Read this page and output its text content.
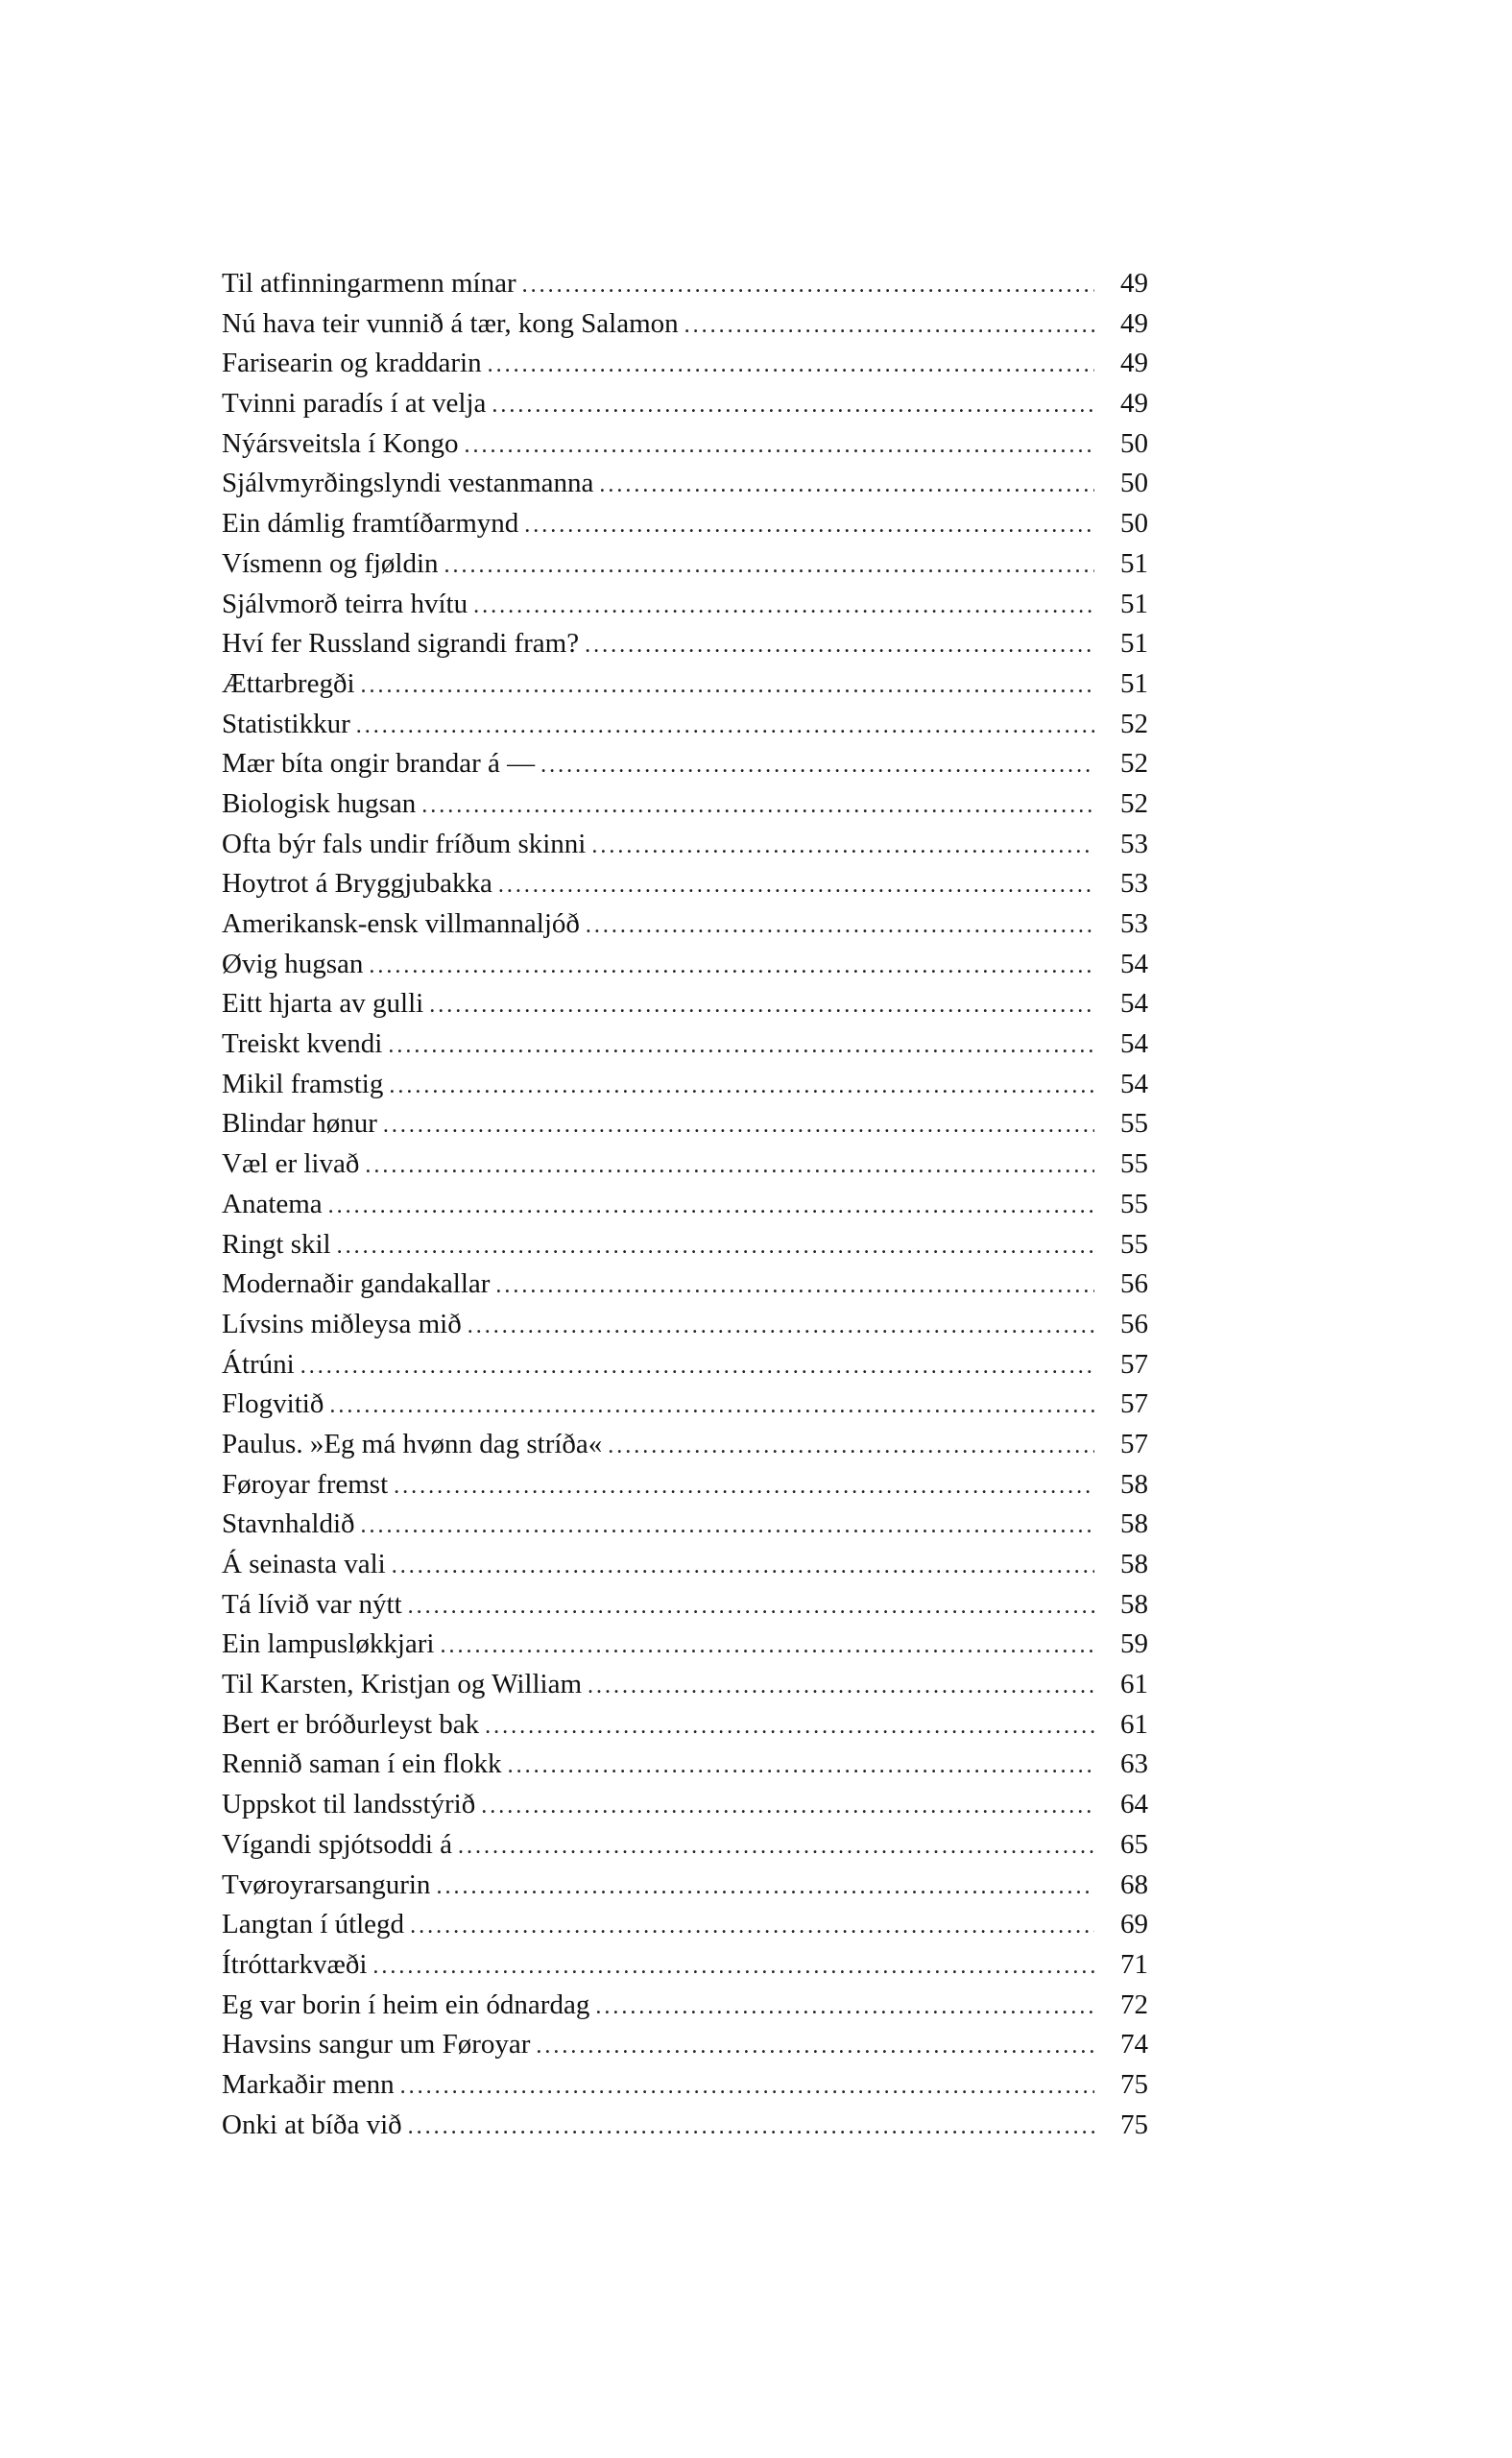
Til atfinningarmenn mínar .....	49
Nú hava teir vunnið á tær, kong Salamon .....	49
Farisearin og kraddarin .....	49
Tvinni paradís í at velja .....	49
Nýársveitsla í Kongo .....	50
Sjálvmyrðingslyndi vestanmanna .....	50
Ein dámlig framtíðarmynd .....	50
Vísmenn og fjøldin .....	51
Sjálvmorð teirra hvítu .....	51
Hví fer Russland sigrandi fram? .....	51
Ættarbregði .....	51
Statistikkur .....	52
Mær bíta ongir brandar á — .....	52
Biologisk hugsan .....	52
Ofta býr fals undir fríðum skinni .....	53
Hoytrot á Bryggjubakka .....	53
Amerikansk-ensk villmannaljóð .....	53
Øvig hugsan .....	54
Eitt hjarta av gulli .....	54
Treiskt kvendi .....	54
Mikil framstig .....	54
Blindar hønur .....	55
Væl er livað .....	55
Anatema .....	55
Ringt skil .....	55
Modernaðir gandakallar .....	56
Lívsins miðleysa mið .....	56
Átrúni .....	57
Flogvitið .....	57
Paulus. »Eg má hvønn dag stríða« .....	57
Føroyar fremst .....	58
Stavnhaldið .....	58
Á seinasta vali .....	58
Tá lívið var nýtt .....	58
Ein lampusløkkjari .....	59
Til Karsten, Kristjan og William .....	61
Bert er bróðurleyst bak .....	61
Rennið saman í ein flokk .....	63
Uppskot til landsstýrið .....	64
Vígandi spjótsoddi á .....	65
Tvøroyrarsangurin .....	68
Langtan í útlegd .....	69
Ítróttarkvæði .....	71
Eg var borin í heim ein ódnardag .....	72
Havsins sangur um Føroyar .....	74
Markaðir menn .....	75
Onki at bíða við .....	75
